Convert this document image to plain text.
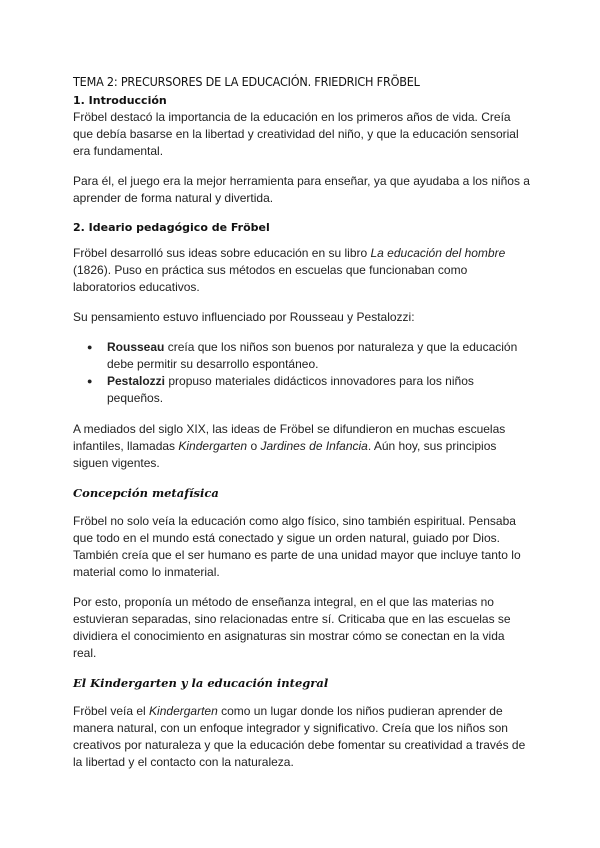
TEMA 2: PRECURSORES DE LA EDUCACIÓN. FRIEDRICH FRÖBEL
1. Introducción

Fröbel destacó la importancia de la educación en los primeros años de vida. Creía que debía basarse en la libertad y creatividad del niño, y que la educación sensorial era fundamental.

Para él, el juego era la mejor herramienta para enseñar, ya que ayudaba a los niños a aprender de forma natural y divertida.

2. Ideario pedagógico de Fröbel

Fröbel desarrolló sus ideas sobre educación en su libro La educación del hombre (1826). Puso en práctica sus métodos en escuelas que funcionaban como laboratorios educativos.

Su pensamiento estuvo influenciado por Rousseau y Pestalozzi:

● Rousseau creía que los niños son buenos por naturaleza y que la educación debe permitir su desarrollo espontáneo.
● Pestalozzi propuso materiales didácticos innovadores para los niños pequeños.

A mediados del siglo XIX, las ideas de Fröbel se difundieron en muchas escuelas infantiles, llamadas Kindergarten o Jardines de Infancia. Aún hoy, sus principios siguen vigentes.

Concepción metafísica

Fröbel no solo veía la educación como algo físico, sino también espiritual. Pensaba que todo en el mundo está conectado y sigue un orden natural, guiado por Dios. También creía que el ser humano es parte de una unidad mayor que incluye tanto lo material como lo inmaterial.

Por esto, proponía un método de enseñanza integral, en el que las materias no estuvieran separadas, sino relacionadas entre sí. Criticaba que en las escuelas se dividiera el conocimiento en asignaturas sin mostrar cómo se conectan en la vida real.

El Kindergarten y la educación integral

Fröbel veía el Kindergarten como un lugar donde los niños pudieran aprender de manera natural, con un enfoque integrador y significativo. Creía que los niños son creativos por naturaleza y que la educación debe fomentar su creatividad a través de la libertad y el contacto con la naturaleza.
